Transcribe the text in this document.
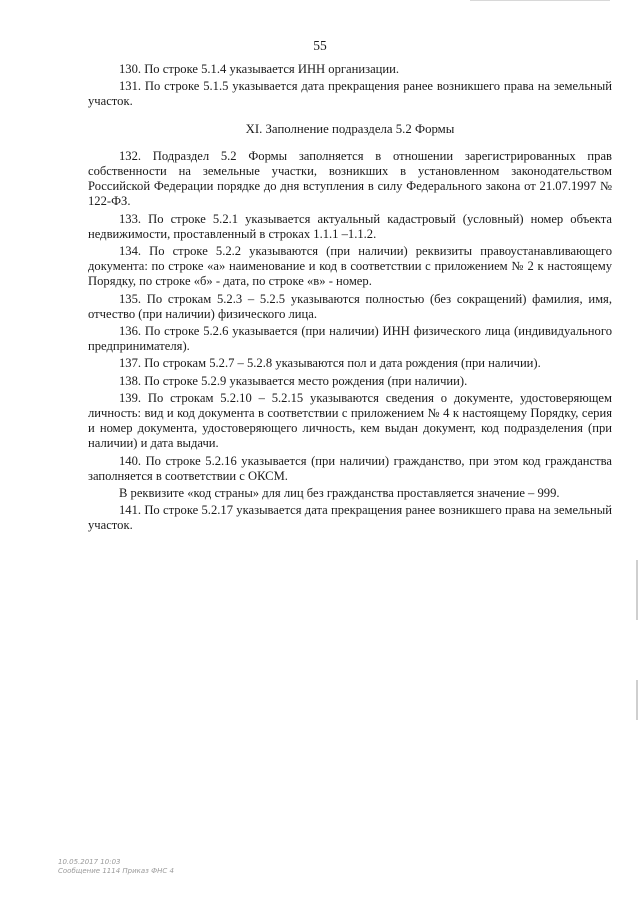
55

130. По строке 5.1.4 указывается ИНН организации.

131. По строке 5.1.5 указывается дата прекращения ранее возникшего права на земельный участок.

XI. Заполнение подраздела 5.2 Формы

132. Подраздел 5.2 Формы заполняется в отношении зарегистрированных прав собственности на земельные участки, возникших в установленном законодательством Российской Федерации порядке до дня вступления в силу Федерального закона от 21.07.1997 № 122-ФЗ.

133. По строке 5.2.1 указывается актуальный кадастровый (условный) номер объекта недвижимости, проставленный в строках 1.1.1 –1.1.2.

134. По строке 5.2.2 указываются (при наличии) реквизиты правоустанавливающего документа: по строке «а» наименование и код в соответствии с приложением № 2 к настоящему Порядку, по строке «б» - дата, по строке «в» - номер.

135. По строкам 5.2.3 – 5.2.5 указываются полностью (без сокращений) фамилия, имя, отчество (при наличии) физического лица.

136. По строке 5.2.6 указывается (при наличии) ИНН физического лица (индивидуального предпринимателя).

137. По строкам 5.2.7 – 5.2.8 указываются пол и дата рождения (при наличии).

138. По строке 5.2.9 указывается место рождения (при наличии).

139. По строкам 5.2.10 – 5.2.15 указываются сведения о документе, удостоверяющем личность: вид и код документа в соответствии с приложением № 4 к настоящему Порядку, серия и номер документа, удостоверяющего личность, кем выдан документ, код подразделения (при наличии) и дата выдачи.

140. По строке 5.2.16 указывается (при наличии) гражданство, при этом код гражданства заполняется в соответствии с ОКСМ.

В реквизите «код страны» для лиц без гражданства проставляется значение – 999.

141. По строке 5.2.17 указывается дата прекращения ранее возникшего права на земельный участок.

10.05.2017 10:03
Сообщение 1114 Приказ ФНС 4
